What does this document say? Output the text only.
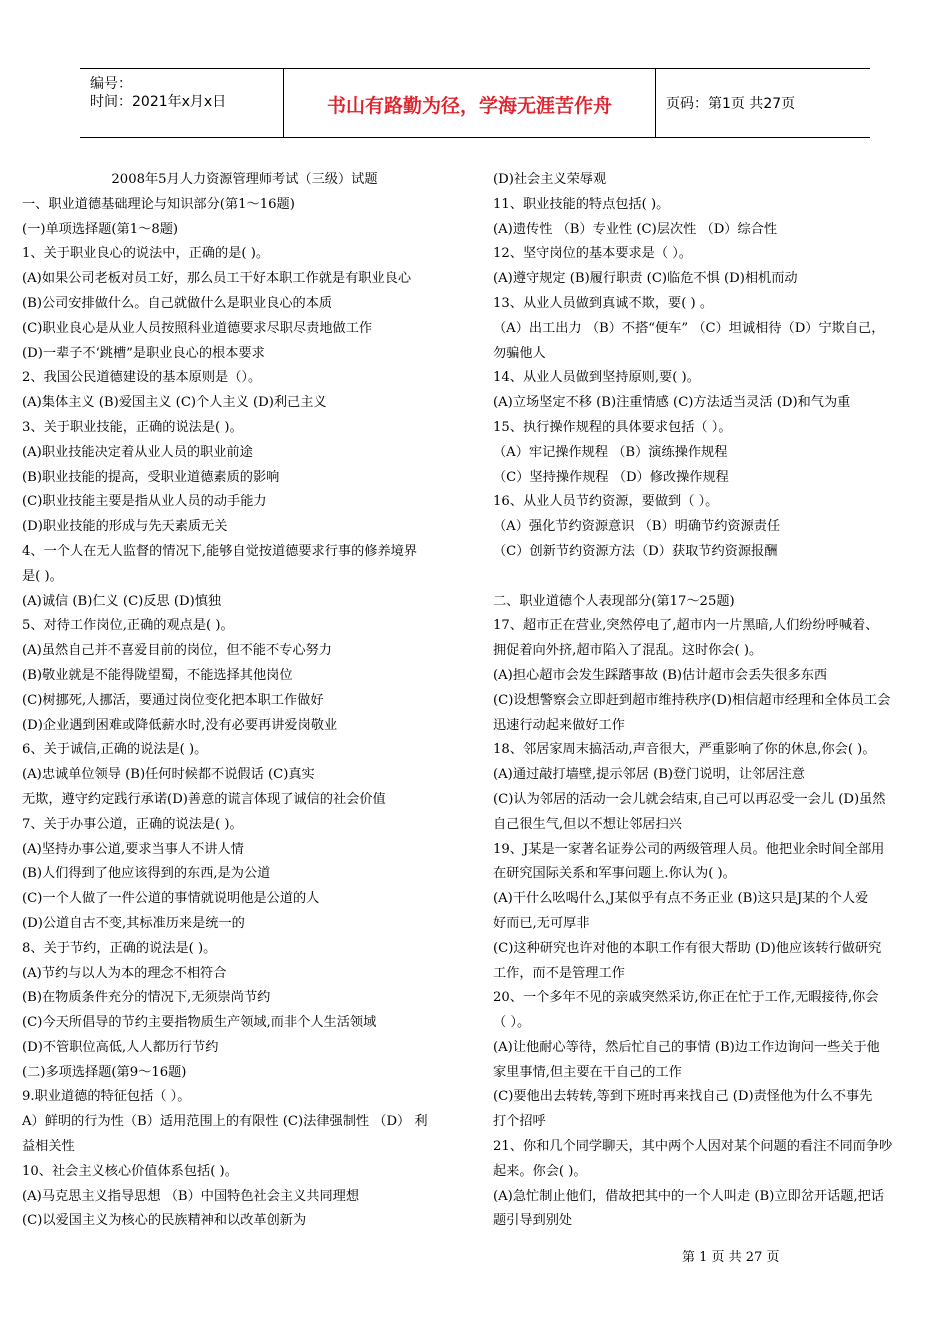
编号：
时间：2021年x月x日	书山有路勤为径，学海无涯苦作舟	页码：第1页 共27页
2008年5月人力资源管理师考试（三级）试题
一、职业道德基础理论与知识部分(第1～16题)
(一)单项选择题(第1～8题)
1、关于职业良心的说法中，正确的是( )。
(A)如果公司老板对员工好，那么员工干好本职工作就是有职业良心
(B)公司安排做什么。自己就做什么是职业良心的本质
(C)职业良心是从业人员按照科业道德要求尽职尽责地做工作
(D)一辈子不‘跳槽”是职业良心的根本要求
2、我国公民道德建设的基本原则是（）。
(A)集体主义 (B)爱国主义 (C)个人主义 (D)利己主义
3、关于职业技能，正确的说法是( )。
(A)职业技能决定着从业人员的职业前途
(B)职业技能的提高，受职业道德素质的影响
(C)职业技能主要是指从业人员的动手能力
(D)职业技能的形成与先天素质无关
4、一个人在无人监督的情况下,能够自觉按道德要求行事的修养境界
是( )。
(A)诚信 (B)仁义 (C)反思 (D)慎独
5、对待工作岗位,正确的观点是( )。
(A)虽然自己并不喜爱目前的岗位，但不能不专心努力
(B)敬业就是不能得陇望蜀，不能选择其他岗位
(C)树挪死,人挪活，要通过岗位变化把本职工作做好
(D)企业遇到困难或降低薪水时,没有必要再讲爱岗敬业
6、关于诚信,正确的说法是( )。
(A)忠诚单位领导 (B)任何时候都不说假话 (C)真实
无欺，遵守约定践行承诺(D)善意的谎言体现了诚信的社会价值
7、关于办事公道，正确的说法是( )。
(A)坚持办事公道,要求当事人不讲人情
(B)人们得到了他应该得到的东西,是为公道
(C)一个人做了一件公道的事情就说明他是公道的人
(D)公道自古不变,其标准历来是统一的
8、关于节约，正确的说法是( )。
(A)节约与以人为本的理念不相符合
(B)在物质条件充分的情况下,无须崇尚节约
(C)今天所倡导的节约主要指物质生产领域,而非个人生活领域
(D)不管职位高低,人人都历行节约
(二)多项选择题(第9～16题)
9.职业道德的特征包括（ ）。
A）鲜明的行为性（B）适用范围上的有限性 (C)法律强制性 （D） 利
益相关性
10、社会主义核心价值体系包括( )。
(A)马克思主义指导思想 （B）中国特色社会主义共同理想
(C)以爱国主义为核心的民族精神和以改革创新为
(D)社会主义荣辱观
11、职业技能的特点包括( )。
(A)遗传性 （B）专业性 (C)层次性 （D）综合性
12、坚守岗位的基本要求是（ ）。
(A)遵守规定 (B)履行职责 (C)临危不惧 (D)相机而动
13、从业人员做到真诚不欺，要( ) 。
（A）出工出力 （B）不搭“便车” （C）坦诚相待（D）宁欺自己，
勿骗他人
14、从业人员做到坚持原则,要( )。
(A)立场坚定不移 (B)注重情感 (C)方法适当灵活 (D)和气为重
15、执行操作规程的具体要求包括（ ）。
（A）牢记操作规程 （B）演练操作规程
（C）坚持操作规程 （D）修改操作规程
16、从业人员节约资源，要做到（ ）。
（A）强化节约资源意识 （B）明确节约资源责任
（C）创新节约资源方法（D）获取节约资源报酬
二、职业道德个人表现部分(第17～25题)
17、超市正在营业,突然停电了,超市内一片黑暗,人们纷纷呼喊着、
拥促着向外挤,超市陷入了混乱。这时你会( )。
(A)担心超市会发生踩踏事故 (B)估计超市会丢失很多东西
(C)设想警察会立即赶到超市维持秩序(D)相信超市经理和全体员工会
迅速行动起来做好工作
18、邻居家周末搞活动,声音很大，严重影响了你的休息,你会( )。
(A)通过敲打墙壁,提示邻居 (B)登门说明，让邻居注意
(C)认为邻居的活动一会儿就会结束,自己可以再忍受一会儿 (D)虽然
自己很生气,但以不想让邻居扫兴
19、J某是一家著名证券公司的两级管理人员。他把业余时间全部用
在研究国际关系和军事问题上.你认为( )。
(A)干什么吆喝什么,J某似乎有点不务正业 (B)这只是J某的个人爱
好而已,无可厚非
(C)这种研究也许对他的本职工作有很大帮助 (D)他应该转行做研究
工作，而不是管理工作
20、一个多年不见的亲戚突然采访,你正在忙于工作,无暇接待,你会
（ ）。
(A)让他耐心等待，然后忙自己的事情 (B)边工作边询问一些关于他
家里事情,但主要在干自己的工作
(C)要他出去转转,等到下班时再来找自己 (D)责怪他为什么不事先
打个招呼
21、你和几个同学聊天，其中两个人因对某个问题的看注不同而争吵
起来。你会( )。
(A)急忙制止他们，借故把其中的一个人叫走 (B)立即岔开话题,把话
题引导到别处
第 1 页 共 27 页
